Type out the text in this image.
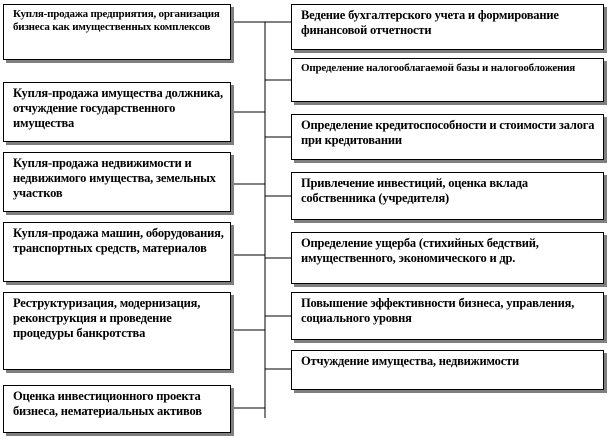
Купля-продажа предприятия, организация бизнеса как имущественных комплексов
Купля-продажа имущества должника, отчуждение государственного имущества
Купля-продажа недвижимости и недвижимого имущества, земельных участков
Купля-продажа машин, оборудования, транспортных средств, материалов
Реструктуризация, модернизация, реконструкция и проведение процедуры банкротства
Оценка инвестиционного проекта бизнеса, нематериальных активов
Ведение бухгалтерского учета и формирование финансовой отчетности
Определение налогооблагаемой базы и налогообложения
Определение кредитоспособности и стоимости залога при кредитовании
Привлечение инвестиций, оценка вклада собственника (учредителя)
Определение ущерба (стихийных бедствий, имущественного, экономического и др.
Повышение эффективности бизнеса, управления, социального уровня
Отчуждение имущества, недвижимости
